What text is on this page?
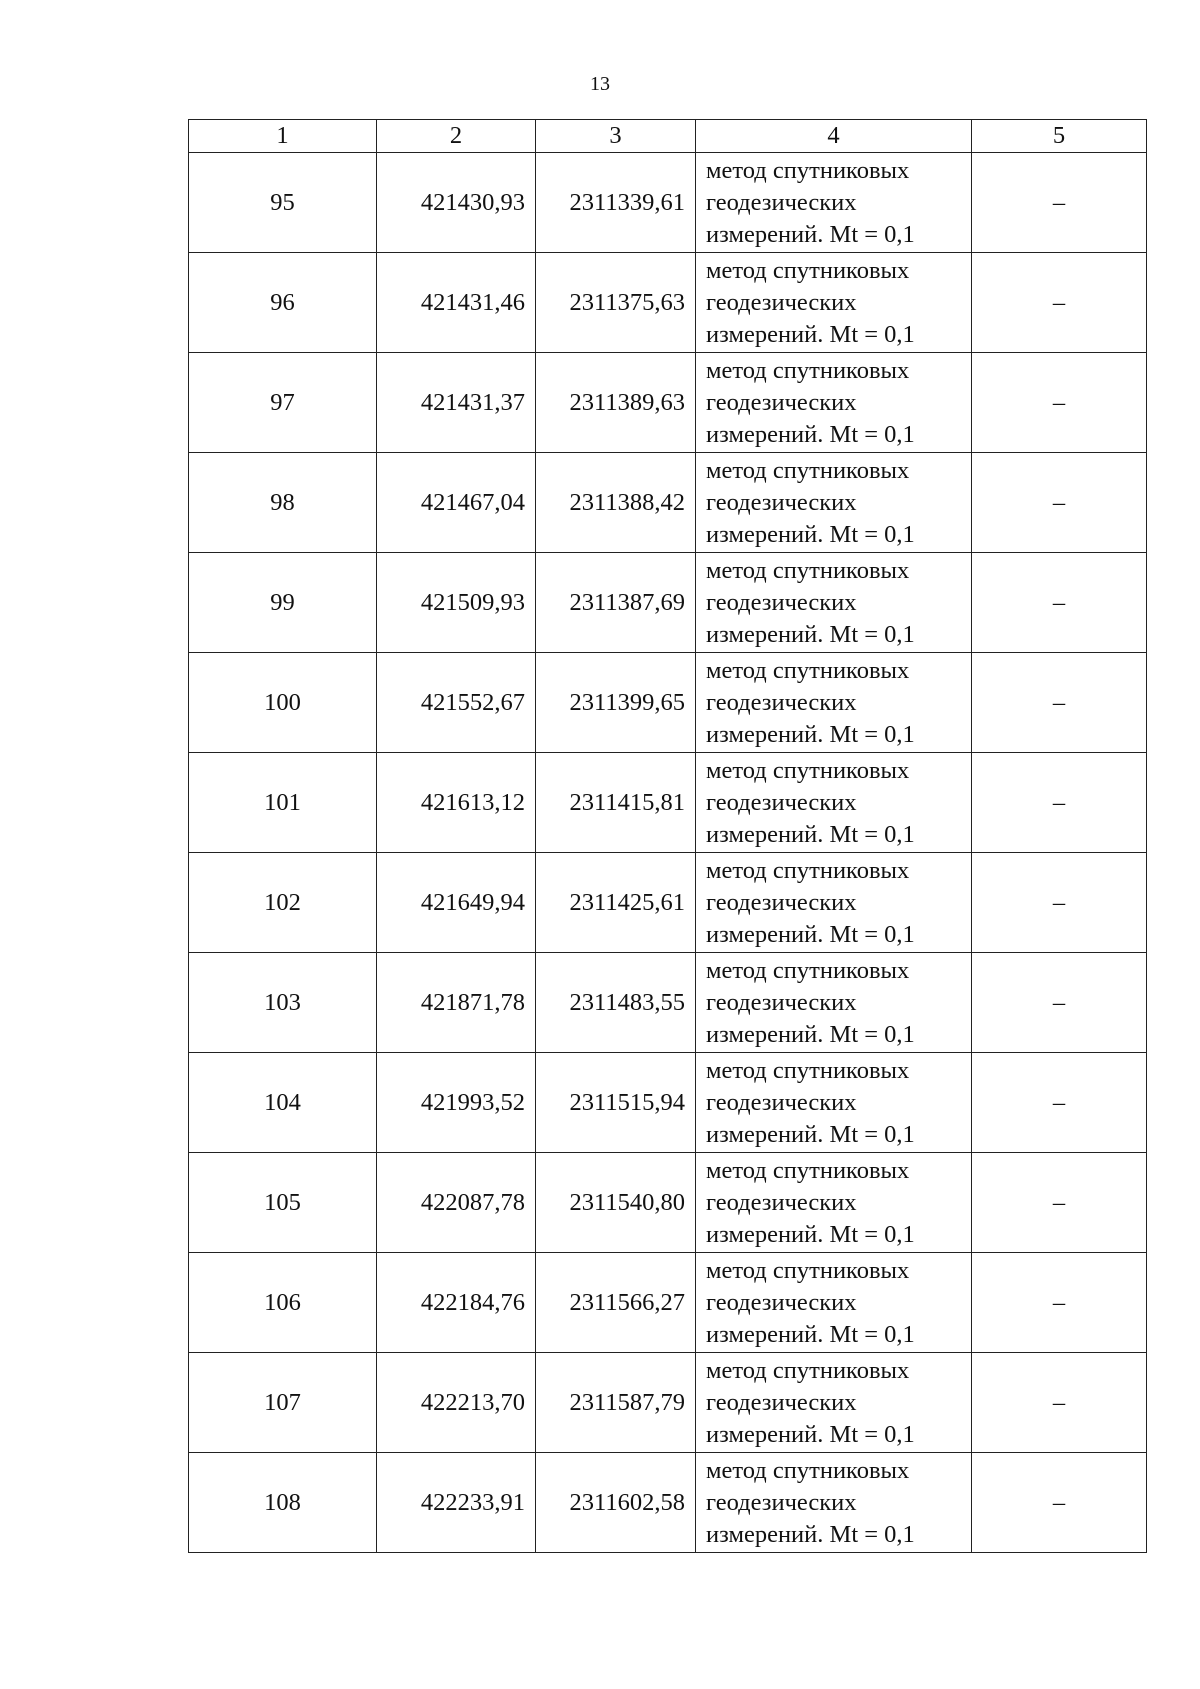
13
1	2	3	4	5
95	421430,93	2311339,61	метод спутниковых
геодезических
измерений. Mt = 0,1	–
96	421431,46	2311375,63	метод спутниковых
геодезических
измерений. Mt = 0,1	–
97	421431,37	2311389,63	метод спутниковых
геодезических
измерений. Mt = 0,1	–
98	421467,04	2311388,42	метод спутниковых
геодезических
измерений. Mt = 0,1	–
99	421509,93	2311387,69	метод спутниковых
геодезических
измерений. Mt = 0,1	–
100	421552,67	2311399,65	метод спутниковых
геодезических
измерений. Mt = 0,1	–
101	421613,12	2311415,81	метод спутниковых
геодезических
измерений. Mt = 0,1	–
102	421649,94	2311425,61	метод спутниковых
геодезических
измерений. Mt = 0,1	–
103	421871,78	2311483,55	метод спутниковых
геодезических
измерений. Mt = 0,1	–
104	421993,52	2311515,94	метод спутниковых
геодезических
измерений. Mt = 0,1	–
105	422087,78	2311540,80	метод спутниковых
геодезических
измерений. Mt = 0,1	–
106	422184,76	2311566,27	метод спутниковых
геодезических
измерений. Mt = 0,1	–
107	422213,70	2311587,79	метод спутниковых
геодезических
измерений. Mt = 0,1	–
108	422233,91	2311602,58	метод спутниковых
геодезических
измерений. Mt = 0,1	–
